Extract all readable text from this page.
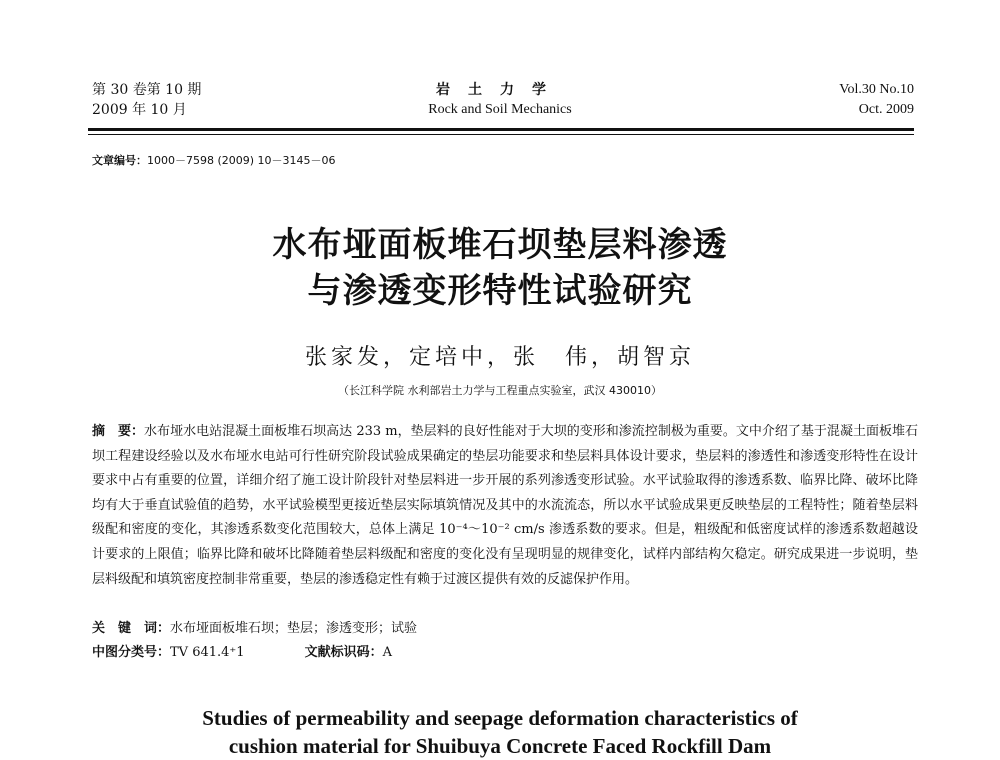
第 30 卷第 10 期
2009 年 10 月
岩土力学
Rock and Soil Mechanics
Vol.30 No.10
Oct. 2009
文章编号：1000－7598 (2009) 10－3145－06
水布垭面板堆石坝垫层料渗透
与渗透变形特性试验研究
张家发，定培中，张　伟，胡智京
（长江科学院 水利部岩土力学与工程重点实验室，武汉 430010）
摘　要：水布垭水电站混凝土面板堆石坝高达 233 m，垫层料的良好性能对于大坝的变形和渗流控制极为重要。文中介绍了基于混凝土面板堆石坝工程建设经验以及水布垭水电站可行性研究阶段试验成果确定的垫层功能要求和垫层料具体设计要求，垫层料的渗透性和渗透变形特性在设计要求中占有重要的位置，详细介绍了施工设计阶段针对垫层料进一步开展的系列渗透变形试验。水平试验取得的渗透系数、临界比降、破坏比降均有大于垂直试验值的趋势，水平试验模型更接近垫层实际填筑情况及其中的水流流态，所以水平试验成果更反映垫层的工程特性；随着垫层料级配和密度的变化，其渗透系数变化范围较大，总体上满足 10⁻⁴～10⁻² cm/s 渗透系数的要求。但是，粗级配和低密度试样的渗透系数超越设计要求的上限值；临界比降和破坏比降随着垫层料级配和密度的变化没有呈现明显的规律变化，试样内部结构欠稳定。研究成果进一步说明，垫层料级配和填筑密度控制非常重要，垫层的渗透稳定性有赖于过渡区提供有效的反滤保护作用。
关　键　词：水布垭面板堆石坝；垫层；渗透变形；试验
中图分类号：TV 641.4⁺1	文献标识码：A
Studies of permeability and seepage deformation characteristics of
cushion material for Shuibuya Concrete Faced Rockfill Dam
